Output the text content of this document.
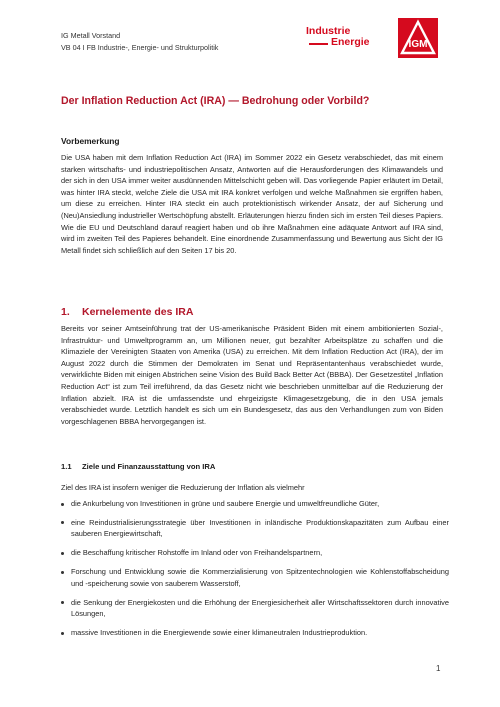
IG Metall Vorstand
VB 04 I FB Industrie-, Energie- und Strukturpolitik
Industrie
Energie	IGM
Der Inflation Reduction Act (IRA) — Bedrohung oder Vorbild?
Vorbemerkung
Die USA haben mit dem Inflation Reduction Act (IRA) im Sommer 2022 ein Gesetz verabschiedet, das mit einem starken wirtschafts- und industriepolitischen Ansatz, Antworten auf die Herausforderungen des Klimawandels und der sich in den USA immer weiter ausdünnenden Mittelschicht geben will. Das vorliegende Papier erläutert im Detail, was hinter IRA steckt, welche Ziele die USA mit IRA konkret verfolgen und welche Maßnahmen sie ergriffen haben, um diese zu erreichen. Hinter IRA steckt ein auch protektionistisch wirkender Ansatz, der auf Sicherung und (Neu)Ansiedlung industrieller Wertschöpfung abstellt. Erläuterungen hierzu finden sich im ersten Teil dieses Papiers. Wie die EU und Deutschland darauf reagiert haben und ob ihre Maßnahmen eine adäquate Antwort auf IRA sind, wird im zweiten Teil des Papieres behandelt. Eine einordnende Zusammenfassung und Bewertung aus Sicht der IG Metall findet sich schließlich auf den Seiten 17 bis 20.
1. Kernelemente des IRA
Bereits vor seiner Amtseinführung trat der US-amerikanische Präsident Biden mit einem ambitionierten Sozial-, Infrastruktur- und Umweltprogramm an, um Millionen neuer, gut bezahlter Arbeitsplätze zu schaffen und die Klimaziele der Vereinigten Staaten von Amerika (USA) zu erreichen. Mit dem Inflation Reduction Act (IRA), der im August 2022 durch die Stimmen der Demokraten im Senat und Repräsentantenhaus verabschiedet wurde, verwirklichte Biden mit einigen Abstrichen seine Vision des Build Back Better Act (BBBA). Der Gesetzestitel „Inflation Reduction Act“ ist zum Teil irreführend, da das Gesetz nicht wie beschrieben unmittelbar auf die Reduzierung der Inflation abzielt. IRA ist die umfassendste und ehrgeizigste Klimagesetzgebung, die in den USA jemals verabschiedet wurde. Letztlich handelt es sich um ein Bundesgesetz, das aus den Verhandlungen zum von Biden vorgeschlagenen BBBA hervorgegangen ist.
1.1 Ziele und Finanzausstattung von IRA
Ziel des IRA ist insofern weniger die Reduzierung der Inflation als vielmehr
die Ankurbelung von Investitionen in grüne und saubere Energie und umweltfreundliche Güter,
eine Reindustrialisierungsstrategie über Investitionen in inländische Produktionskapazitäten zum Aufbau einer sauberen Energiewirtschaft,
die Beschaffung kritischer Rohstoffe im Inland oder von Freihandelspartnern,
Forschung und Entwicklung sowie die Kommerzialisierung von Spitzentechnologien wie Kohlenstoffabscheidung und -speicherung sowie von sauberem Wasserstoff,
die Senkung der Energiekosten und die Erhöhung der Energiesicherheit aller Wirtschaftssektoren durch innovative Lösungen,
massive Investitionen in die Energiewende sowie einer klimaneutralen Industrieproduktion.
1
